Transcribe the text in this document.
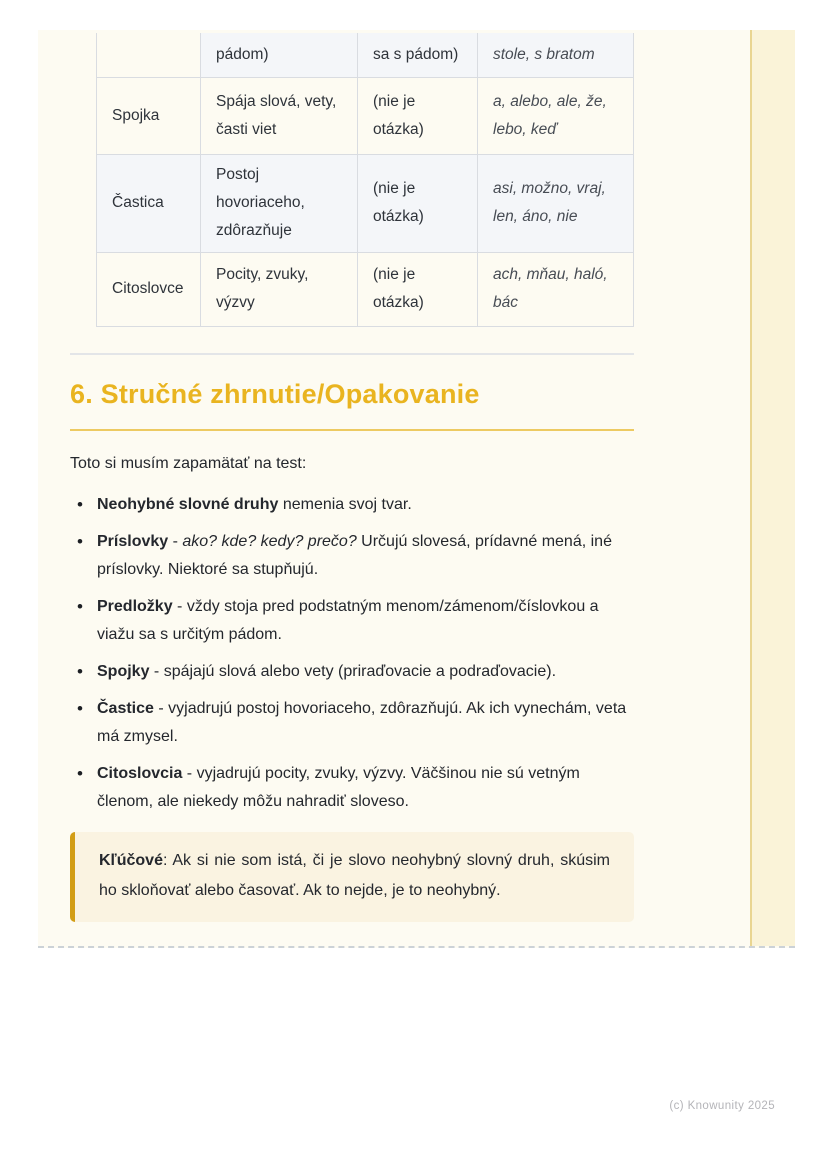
	pádom)	sa s pádom)	stole, s bratom
Spojka	Spája slová, vety, časti viet	(nie je otázka)	a, alebo, ale, že, lebo, keď
Častica	Postoj hovoriaceho, zdôrazňuje	(nie je otázka)	asi, možno, vraj, len, áno, nie
Citoslovce	Pocity, zvuky, výzvy	(nie je otázka)	ach, mňau, haló, bác
6. Stručné zhrnutie/Opakovanie

Toto si musím zapamätať na test:

• Neohybné slovné druhy nemenia svoj tvar.
• Príslovky - ako? kde? kedy? prečo? Určujú slovesá, prídavné mená, iné príslovky. Niektoré sa stupňujú.
• Predložky - vždy stoja pred podstatným menom/zámenom/číslovkou a viažu sa s určitým pádom.
• Spojky - spájajú slová alebo vety (priraďovacie a podraďovacie).
• Častice - vyjadrujú postoj hovoriaceho, zdôrazňujú. Ak ich vynechám, veta má zmysel.
• Citoslovcia - vyjadrujú pocity, zvuky, výzvy. Väčšinou nie sú vetným členom, ale niekedy môžu nahradiť sloveso.
Kľúčové: Ak si nie som istá, či je slovo neohybný slovný druh, skúsim ho skloňovať alebo časovať. Ak to nejde, je to neohybný.
(c) Knowunity 2025
